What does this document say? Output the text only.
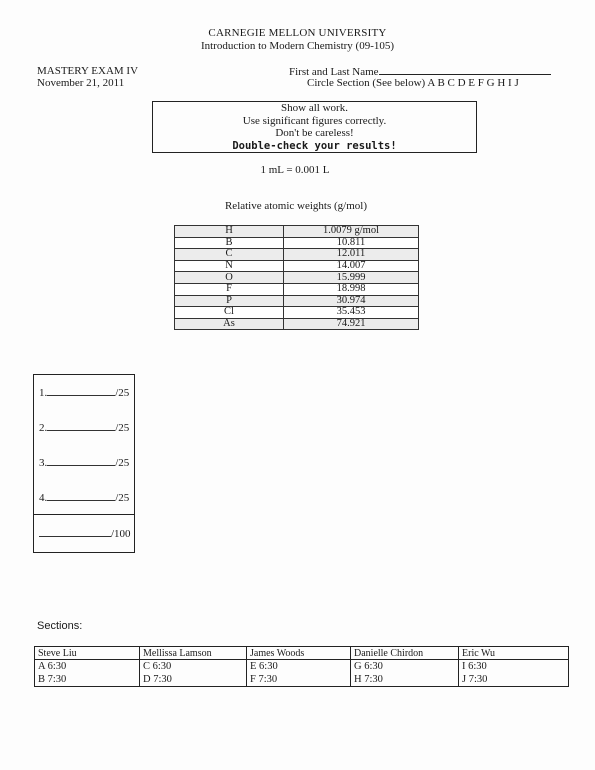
CARNEGIE MELLON UNIVERSITY
Introduction to Modern Chemistry (09-105)
MASTERY EXAM IV
November 21, 2011
First and Last Name
Circle Section (See below) A B C D E F G H I J
Show all work.
Use significant figures correctly.
Don't be careless!
Double-check your results!
1 mL = 0.001 L
Relative atomic weights (g/mol)
H	1.0079 g/mol
B	10.811
C	12.011
N	14.007
O	15.999
F	18.998
P	30.974
Cl	35.453
As	74.921
1.	/25
2.	/25
3.	/25
4.	/25
/100
Sections:
Steve Liu	Mellissa Lamson	James Woods	Danielle Chirdon	Eric Wu
A 6:30	C 6:30	E 6:30	G 6:30	I 6:30
B 7:30	D 7:30	F 7:30	H 7:30	J 7:30
